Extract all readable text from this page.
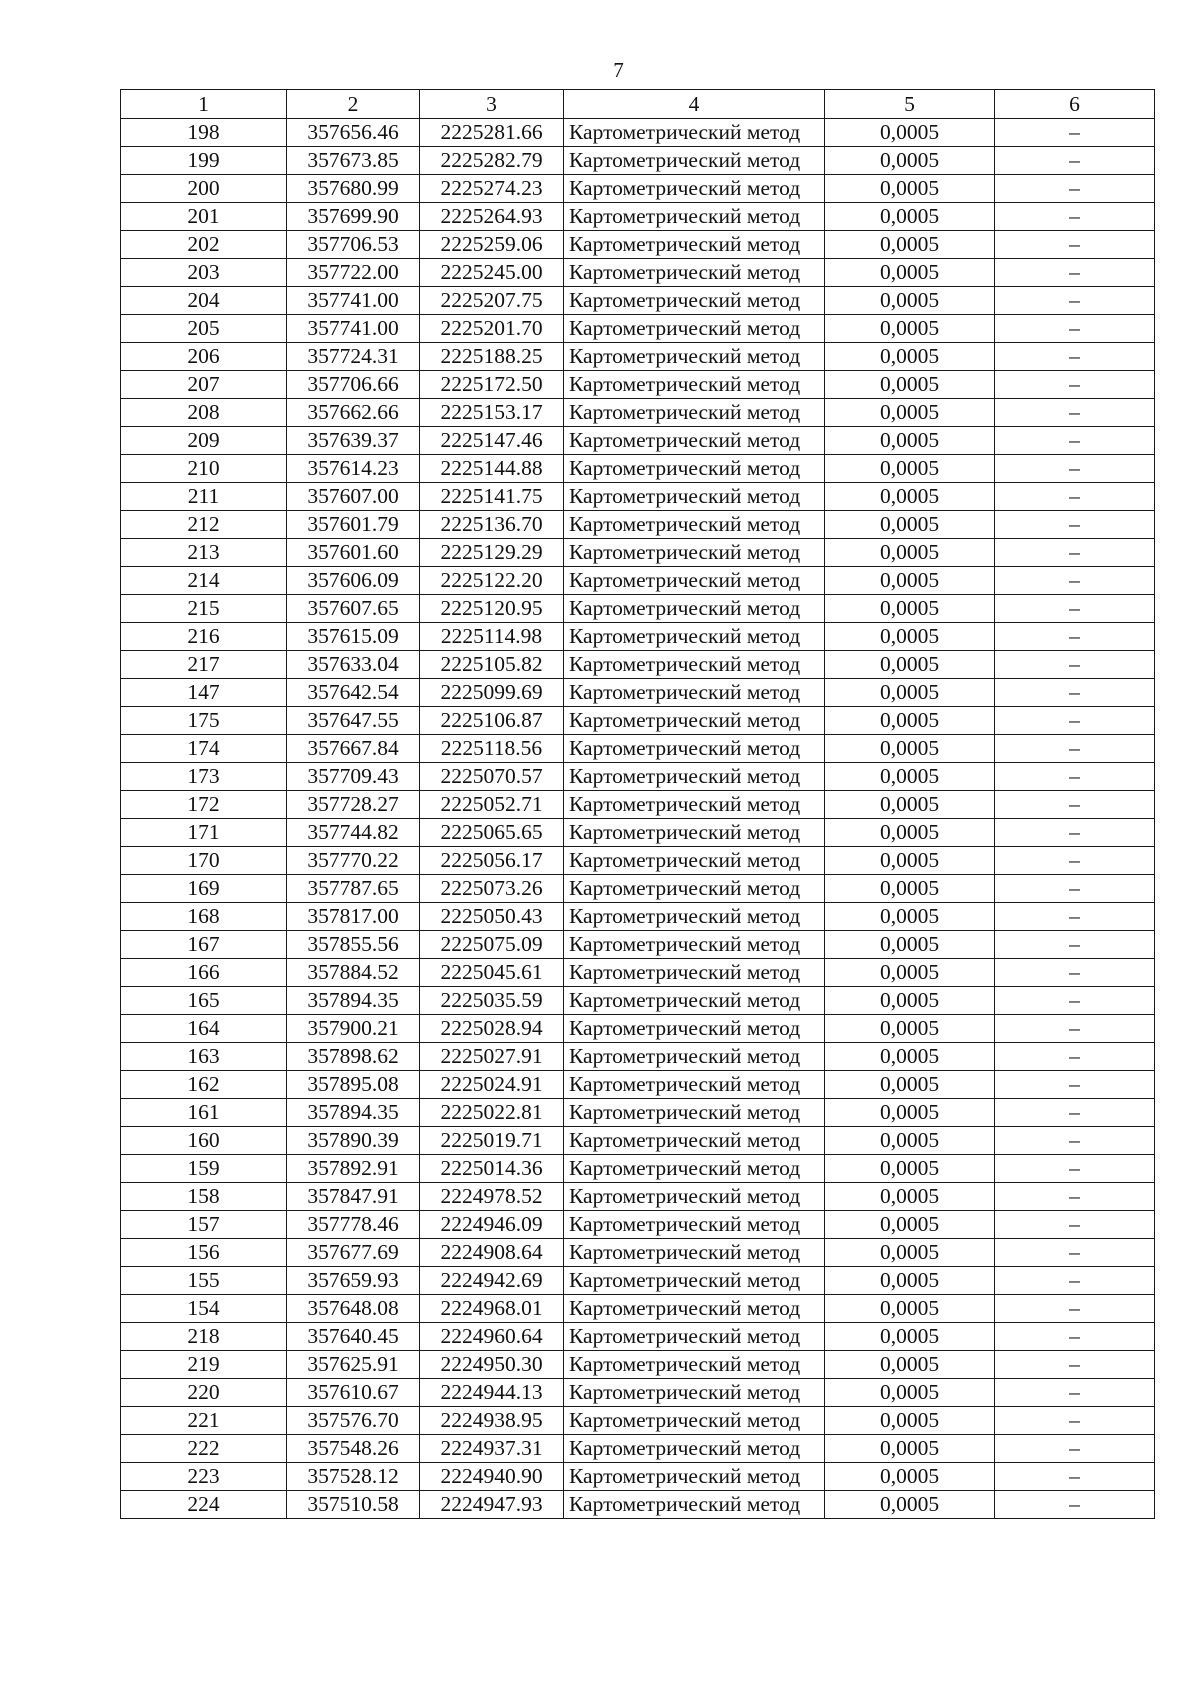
7
1	2	3	4	5	6
198	357656.46	2225281.66	Картометрический метод	0,0005	–
199	357673.85	2225282.79	Картометрический метод	0,0005	–
200	357680.99	2225274.23	Картометрический метод	0,0005	–
201	357699.90	2225264.93	Картометрический метод	0,0005	–
202	357706.53	2225259.06	Картометрический метод	0,0005	–
203	357722.00	2225245.00	Картометрический метод	0,0005	–
204	357741.00	2225207.75	Картометрический метод	0,0005	–
205	357741.00	2225201.70	Картометрический метод	0,0005	–
206	357724.31	2225188.25	Картометрический метод	0,0005	–
207	357706.66	2225172.50	Картометрический метод	0,0005	–
208	357662.66	2225153.17	Картометрический метод	0,0005	–
209	357639.37	2225147.46	Картометрический метод	0,0005	–
210	357614.23	2225144.88	Картометрический метод	0,0005	–
211	357607.00	2225141.75	Картометрический метод	0,0005	–
212	357601.79	2225136.70	Картометрический метод	0,0005	–
213	357601.60	2225129.29	Картометрический метод	0,0005	–
214	357606.09	2225122.20	Картометрический метод	0,0005	–
215	357607.65	2225120.95	Картометрический метод	0,0005	–
216	357615.09	2225114.98	Картометрический метод	0,0005	–
217	357633.04	2225105.82	Картометрический метод	0,0005	–
147	357642.54	2225099.69	Картометрический метод	0,0005	–
175	357647.55	2225106.87	Картометрический метод	0,0005	–
174	357667.84	2225118.56	Картометрический метод	0,0005	–
173	357709.43	2225070.57	Картометрический метод	0,0005	–
172	357728.27	2225052.71	Картометрический метод	0,0005	–
171	357744.82	2225065.65	Картометрический метод	0,0005	–
170	357770.22	2225056.17	Картометрический метод	0,0005	–
169	357787.65	2225073.26	Картометрический метод	0,0005	–
168	357817.00	2225050.43	Картометрический метод	0,0005	–
167	357855.56	2225075.09	Картометрический метод	0,0005	–
166	357884.52	2225045.61	Картометрический метод	0,0005	–
165	357894.35	2225035.59	Картометрический метод	0,0005	–
164	357900.21	2225028.94	Картометрический метод	0,0005	–
163	357898.62	2225027.91	Картометрический метод	0,0005	–
162	357895.08	2225024.91	Картометрический метод	0,0005	–
161	357894.35	2225022.81	Картометрический метод	0,0005	–
160	357890.39	2225019.71	Картометрический метод	0,0005	–
159	357892.91	2225014.36	Картометрический метод	0,0005	–
158	357847.91	2224978.52	Картометрический метод	0,0005	–
157	357778.46	2224946.09	Картометрический метод	0,0005	–
156	357677.69	2224908.64	Картометрический метод	0,0005	–
155	357659.93	2224942.69	Картометрический метод	0,0005	–
154	357648.08	2224968.01	Картометрический метод	0,0005	–
218	357640.45	2224960.64	Картометрический метод	0,0005	–
219	357625.91	2224950.30	Картометрический метод	0,0005	–
220	357610.67	2224944.13	Картометрический метод	0,0005	–
221	357576.70	2224938.95	Картометрический метод	0,0005	–
222	357548.26	2224937.31	Картометрический метод	0,0005	–
223	357528.12	2224940.90	Картометрический метод	0,0005	–
224	357510.58	2224947.93	Картометрический метод	0,0005	–
